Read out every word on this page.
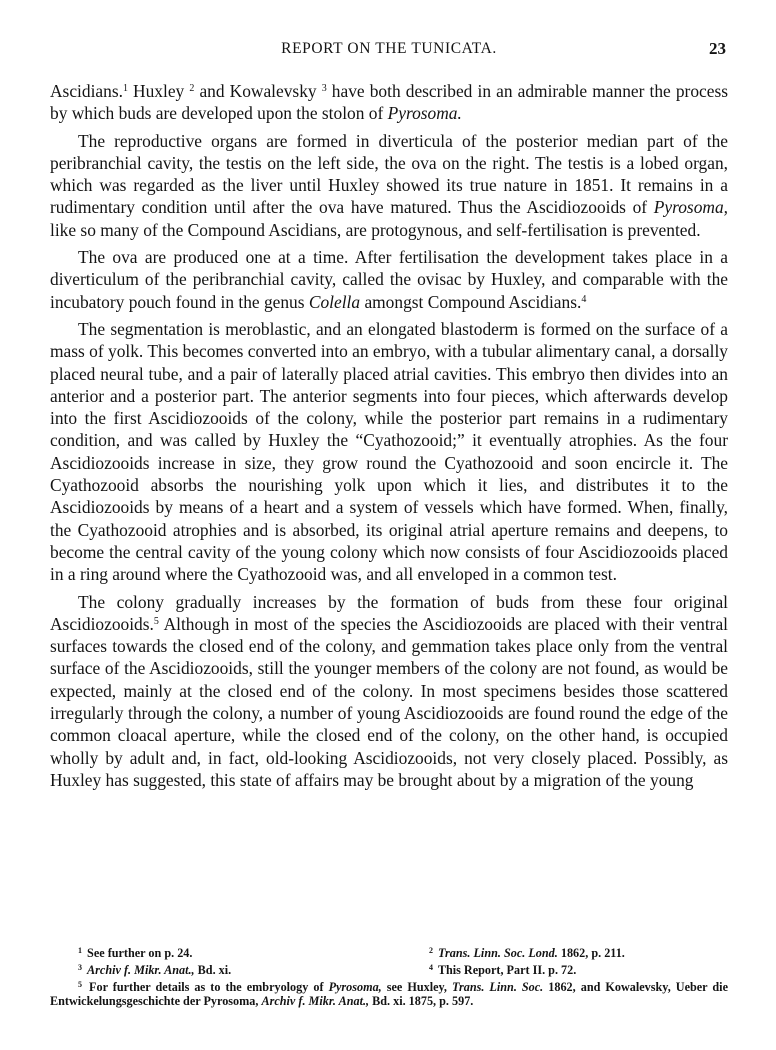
REPORT ON THE TUNICATA.	23

Ascidians.$^1$ Huxley $^2$ and Kowalevsky $^3$ have both described in an admirable manner the process by which buds are developed upon the stolon of Pyrosoma.

The reproductive organs are formed in diverticula of the posterior median part of the peribranchial cavity, the testis on the left side, the ova on the right. The testis is a lobed organ, which was regarded as the liver until Huxley showed its true nature in 1851. It remains in a rudimentary condition until after the ova have matured. Thus the Ascidiozooids of Pyrosoma, like so many of the Compound Ascidians, are protogynous, and self-fertilisation is prevented.

The ova are produced one at a time. After fertilisation the development takes place in a diverticulum of the peribranchial cavity, called the ovisac by Huxley, and comparable with the incubatory pouch found in the genus Colella amongst Compound Ascidians.$^4$

The segmentation is meroblastic, and an elongated blastoderm is formed on the surface of a mass of yolk. This becomes converted into an embryo, with a tubular alimentary canal, a dorsally placed neural tube, and a pair of laterally placed atrial cavities. This embryo then divides into an anterior and a posterior part. The anterior segments into four pieces, which afterwards develop into the first Ascidiozooids of the colony, while the posterior part remains in a rudimentary condition, and was called by Huxley the “Cyathozooid;” it eventually atrophies. As the four Ascidiozooids increase in size, they grow round the Cyathozooid and soon encircle it. The Cyathozooid absorbs the nourishing yolk upon which it lies, and distributes it to the Ascidiozooids by means of a heart and a system of vessels which have formed. When, finally, the Cyathozooid atrophies and is absorbed, its original atrial aperture remains and deepens, to become the central cavity of the young colony which now consists of four Ascidiozooids placed in a ring around where the Cyathozooid was, and all enveloped in a common test.

The colony gradually increases by the formation of buds from these four original Ascidiozooids.$^5$ Although in most of the species the Ascidiozooids are placed with their ventral surfaces towards the closed end of the colony, and gemmation takes place only from the ventral surface of the Ascidiozooids, still the younger members of the colony are not found, as would be expected, mainly at the closed end of the colony. In most specimens besides those scattered irregularly through the colony, a number of young Ascidiozooids are found round the edge of the common cloacal aperture, while the closed end of the colony, on the other hand, is occupied wholly by adult and, in fact, old-looking Ascidiozooids, not very closely placed. Possibly, as Huxley has suggested, this state of affairs may be brought about by a migration of the young

$^1$ See further on p. 24.	$^2$ Trans. Linn. Soc. Lond. 1862, p. 211.
$^3$ Archiv f. Mikr. Anat., Bd. xi.	$^4$ This Report, Part II. p. 72.
$^5$ For further details as to the embryology of Pyrosoma, see Huxley, Trans. Linn. Soc. 1862, and Kowalevsky, Ueber die Entwickelungsgeschichte der Pyrosoma, Archiv f. Mikr. Anat., Bd. xi. 1875, p. 597.
